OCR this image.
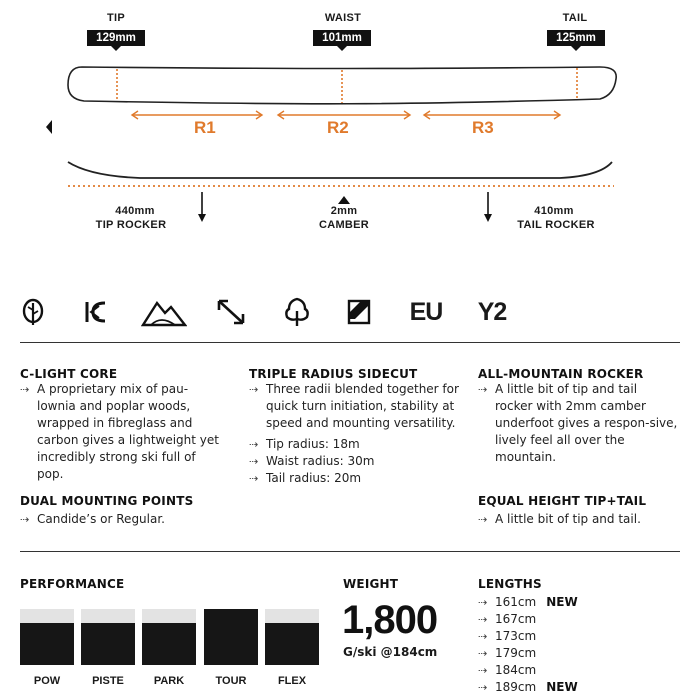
TIP
129mm
WAIST
101mm
TAIL
125mm
R1	R2	R3
440mm
TIP ROCKER
2mm
CAMBER
410mm
TAIL ROCKER
EU Y2
C-LIGHT CORE
⇢ A proprietary mix of pau-lownia and poplar woods, wrapped in fibreglass and carbon gives a lightweight yet incredibly strong ski full of pop.
DUAL MOUNTING POINTS
⇢ Candide’s or Regular.
TRIPLE RADIUS SIDECUT
⇢ Three radii blended together for quick turn initiation, stability at speed and mounting versatility.
⇢ Tip radius: 18m
⇢ Waist radius: 30m
⇢ Tail radius: 20m
ALL-MOUNTAIN ROCKER
⇢ A little bit of tip and tail rocker with 2mm camber underfoot gives a respon-sive, lively feel all over the mountain.
EQUAL HEIGHT TIP+TAIL
⇢ A little bit of tip and tail.
PERFORMANCE
POW	PISTE	PARK	TOUR	FLEX
WEIGHT
1,800
G/ski @184cm
LENGTHS
⇢ 161cm NEW
⇢ 167cm
⇢ 173cm
⇢ 179cm
⇢ 184cm
⇢ 189cm NEW
